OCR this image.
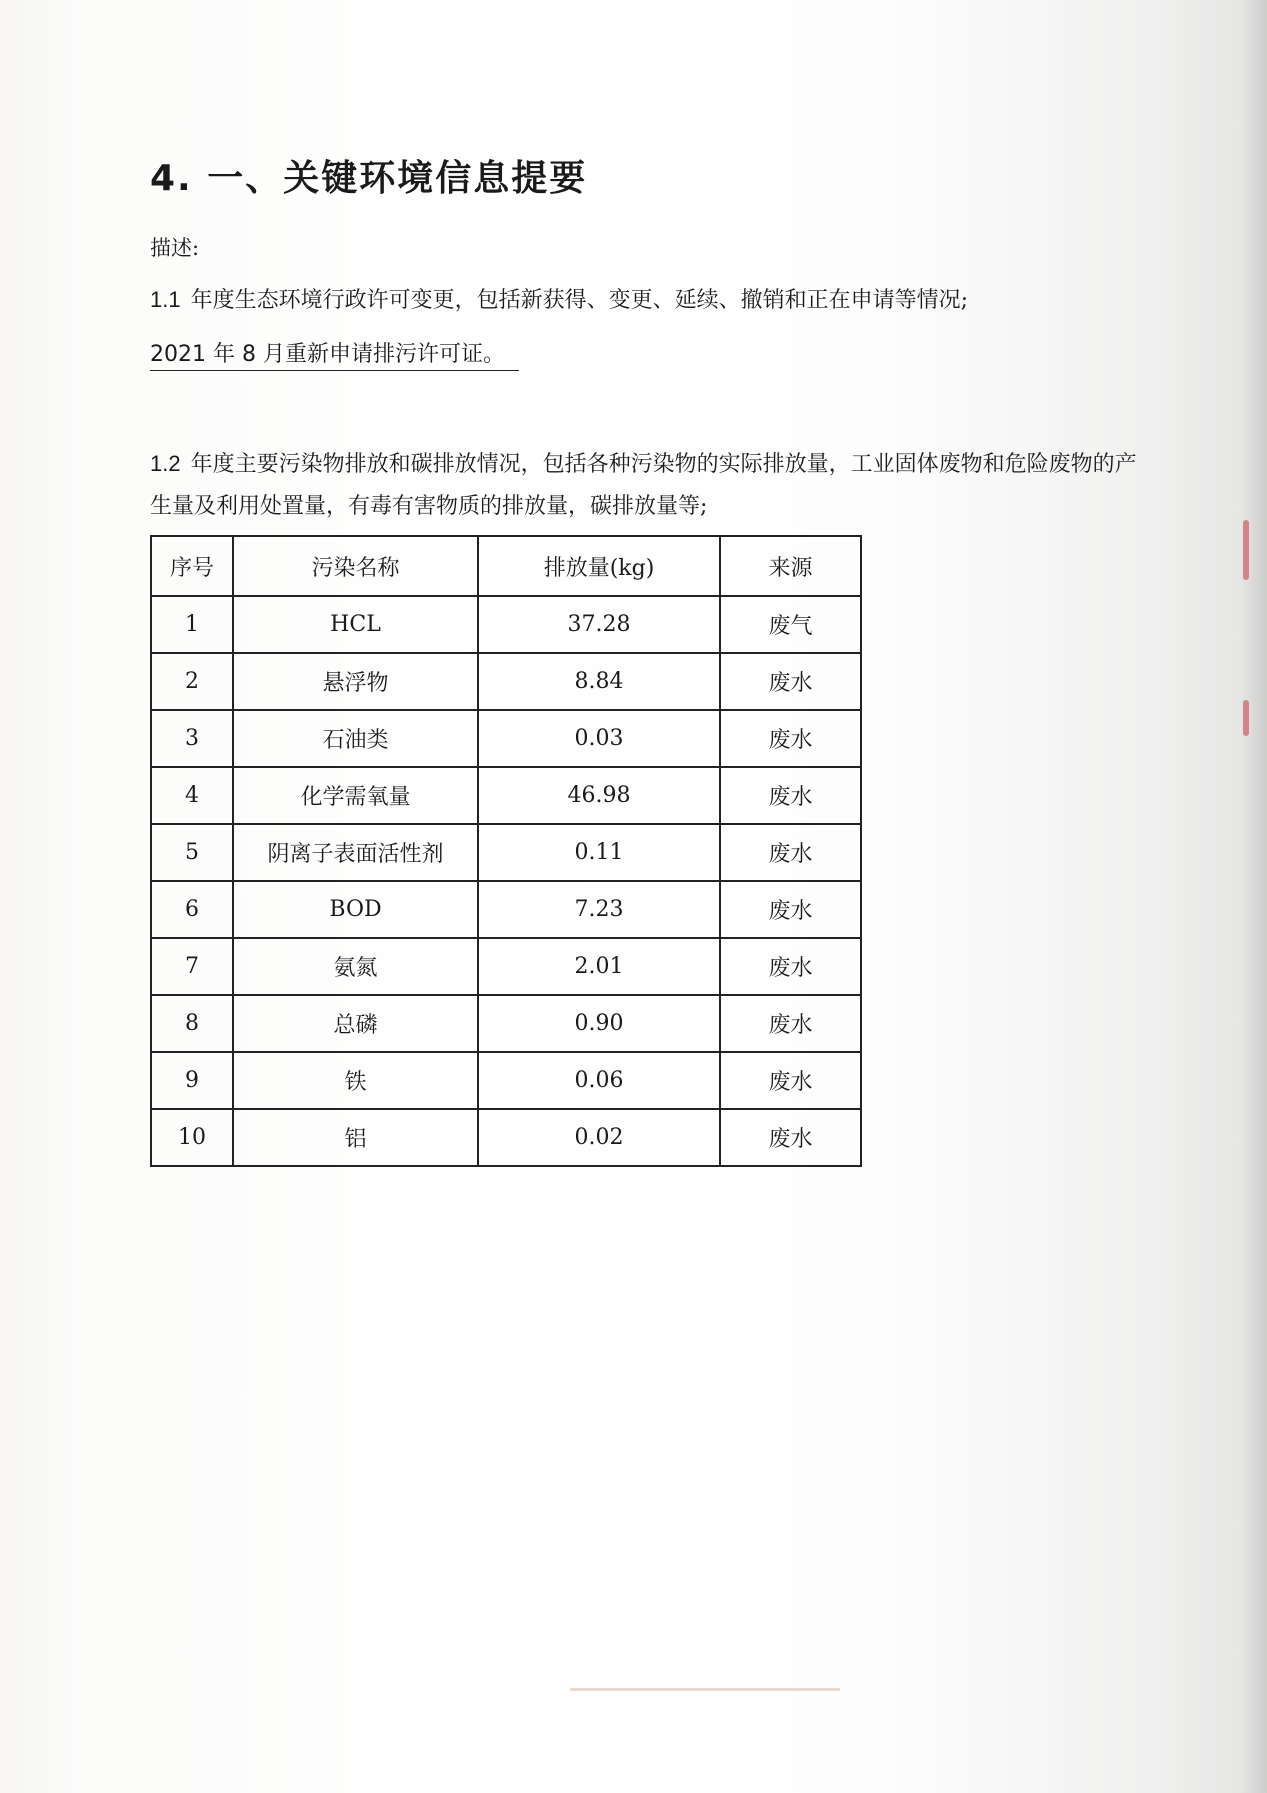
4. 一、关键环境信息提要

描述:

1.1 年度生态环境行政许可变更，包括新获得、变更、延续、撤销和正在申请等情况;

2021 年 8 月重新申请排污许可证。

1.2 年度主要污染物排放和碳排放情况，包括各种污染物的实际排放量，工业固体废物和危险废物的产生量及利用处置量，有毒有害物质的排放量，碳排放量等;

序号	污染名称	排放量(kg)	来源
1	HCL	37.28	废气
2	悬浮物	8.84	废水
3	石油类	0.03	废水
4	化学需氧量	46.98	废水
5	阴离子表面活性剂	0.11	废水
6	BOD	7.23	废水
7	氨氮	2.01	废水
8	总磷	0.90	废水
9	铁	0.06	废水
10	铝	0.02	废水
